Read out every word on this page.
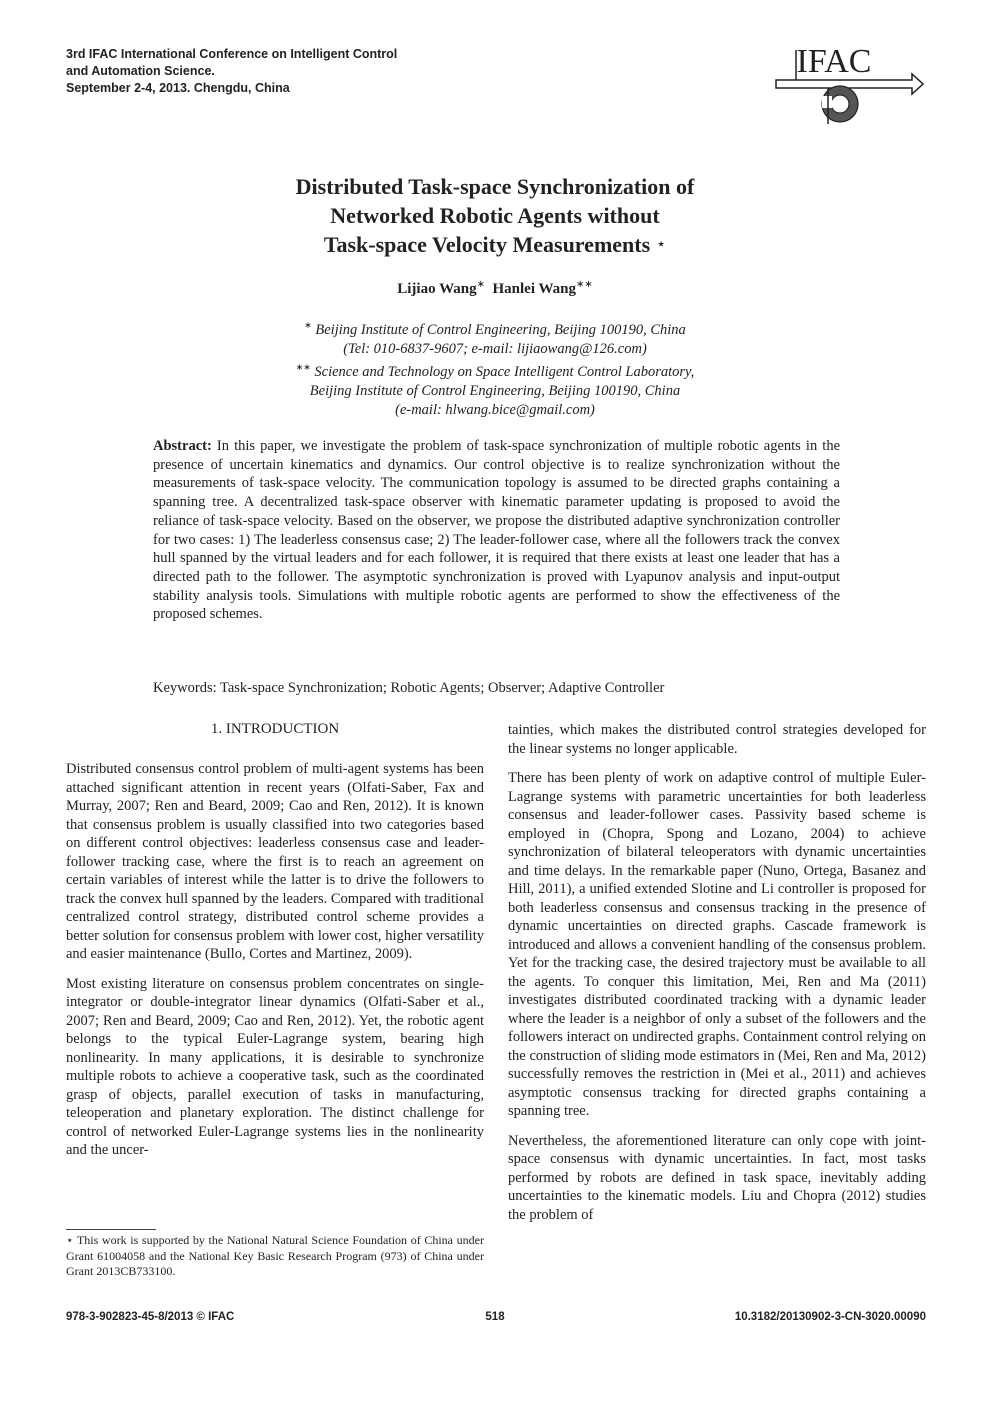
3rd IFAC International Conference on Intelligent Control
and Automation Science.
September 2-4, 2013. Chengdu, China
IFAC
Distributed Task-space Synchronization of
Networked Robotic Agents without
Task-space Velocity Measurements ⋆
Lijiao Wang∗ Hanlei Wang∗∗
∗ Beijing Institute of Control Engineering, Beijing 100190, China
(Tel: 010-6837-9607; e-mail: lijiaowang@126.com)
∗∗ Science and Technology on Space Intelligent Control Laboratory,
Beijing Institute of Control Engineering, Beijing 100190, China
(e-mail: hlwang.bice@gmail.com)
Abstract: In this paper, we investigate the problem of task-space synchronization of multiple robotic agents in the presence of uncertain kinematics and dynamics. Our control objective is to realize synchronization without the measurements of task-space velocity. The communication topology is assumed to be directed graphs containing a spanning tree. A decentralized task-space observer with kinematic parameter updating is proposed to avoid the reliance of task-space velocity. Based on the observer, we propose the distributed adaptive synchronization controller for two cases: 1) The leaderless consensus case; 2) The leader-follower case, where all the followers track the convex hull spanned by the virtual leaders and for each follower, it is required that there exists at least one leader that has a directed path to the follower. The asymptotic synchronization is proved with Lyapunov analysis and input-output stability analysis tools. Simulations with multiple robotic agents are performed to show the effectiveness of the proposed schemes.
Keywords: Task-space Synchronization; Robotic Agents; Observer; Adaptive Controller
1. INTRODUCTION

Distributed consensus control problem of multi-agent systems has been attached significant attention in recent years (Olfati-Saber, Fax and Murray, 2007; Ren and Beard, 2009; Cao and Ren, 2012). It is known that consensus problem is usually classified into two categories based on different control objectives: leaderless consensus case and leader-follower tracking case, where the first is to reach an agreement on certain variables of interest while the latter is to drive the followers to track the convex hull spanned by the leaders. Compared with traditional centralized control strategy, distributed control scheme provides a better solution for consensus problem with lower cost, higher versatility and easier maintenance (Bullo, Cortes and Martinez, 2009).

Most existing literature on consensus problem concentrates on single-integrator or double-integrator linear dynamics (Olfati-Saber et al., 2007; Ren and Beard, 2009; Cao and Ren, 2012). Yet, the robotic agent belongs to the typical Euler-Lagrange system, bearing high nonlinearity. In many applications, it is desirable to synchronize multiple robots to achieve a cooperative task, such as the coordinated grasp of objects, parallel execution of tasks in manufacturing, teleoperation and planetary exploration. The distinct challenge for control of networked Euler-Lagrange systems lies in the nonlinearity and the uncer-

tainties, which makes the distributed control strategies developed for the linear systems no longer applicable.

There has been plenty of work on adaptive control of multiple Euler-Lagrange systems with parametric uncertainties for both leaderless consensus and leader-follower cases. Passivity based scheme is employed in (Chopra, Spong and Lozano, 2004) to achieve synchronization of bilateral teleoperators with dynamic uncertainties and time delays. In the remarkable paper (Nuno, Ortega, Basanez and Hill, 2011), a unified extended Slotine and Li controller is proposed for both leaderless consensus and consensus tracking in the presence of dynamic uncertainties on directed graphs. Cascade framework is introduced and allows a convenient handling of the consensus problem. Yet for the tracking case, the desired trajectory must be available to all the agents. To conquer this limitation, Mei, Ren and Ma (2011) investigates distributed coordinated tracking with a dynamic leader where the leader is a neighbor of only a subset of the followers and the followers interact on undirected graphs. Containment control relying on the construction of sliding mode estimators in (Mei, Ren and Ma, 2012) successfully removes the restriction in (Mei et al., 2011) and achieves asymptotic consensus tracking for directed graphs containing a spanning tree.

Nevertheless, the aforementioned literature can only cope with joint-space consensus with dynamic uncertainties. In fact, most tasks performed by robots are defined in task space, inevitably adding uncertainties to the kinematic models. Liu and Chopra (2012) studies the problem of

⋆ This work is supported by the National Natural Science Foundation of China under Grant 61004058 and the National Key Basic Research Program (973) of China under Grant 2013CB733100.
978-3-902823-45-8/2013 © IFAC	518	10.3182/20130902-3-CN-3020.00090
